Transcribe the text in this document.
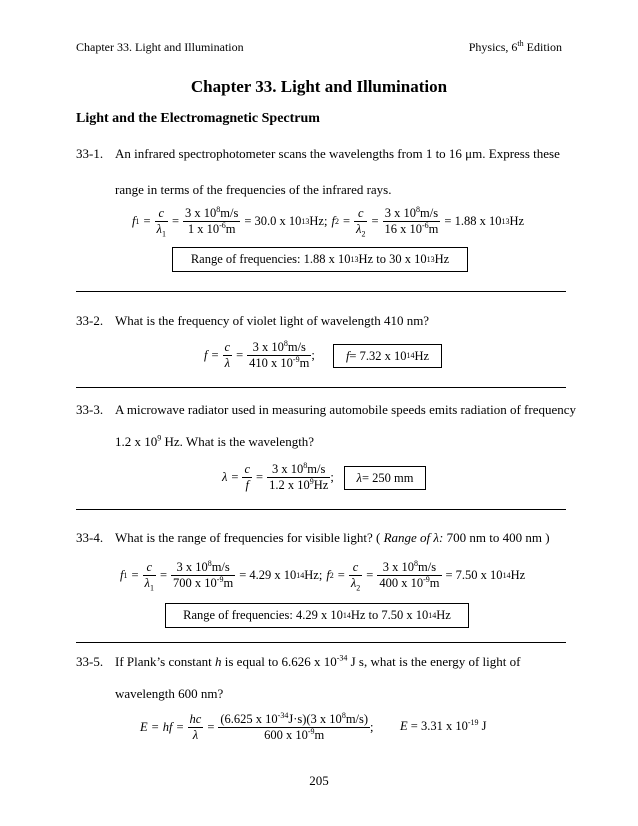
Chapter 33. Light and Illumination	Physics, 6th Edition
Chapter 33. Light and Illumination
Light and the Electromagnetic Spectrum
33-1. An infrared spectrophotometer scans the wavelengths from 1 to 16 μm. Express these
range in terms of the frequencies of the infrared rays.
f $1 = \frac{c}{\lambda_1} = \frac{3 x 10^8m/s}{1 x 10^{-6}m} = 30.0$ x 10 13 Hz; f $2 = \frac{c}{\lambda_2} = \frac{3 x 10^8m/s}{16 x 10^{-6}m} = 1.88$ x 10 13 Hz
Range of frequencies: 1.88 x 10 13 Hz to 30 x 10 13 Hz
33-2. What is the frequency of violet light of wavelength 410 nm?
$f = \frac{c}{\lambda} = \frac{3 x 10^8m/s}{410 x 10^{-9}m}$ ; f = 7.32 x 10 14 Hz
33-3. A microwave radiator used in measuring automobile speeds emits radiation of frequency
1.2 x $10^9$ Hz. What is the wavelength?
$\lambda = \frac{c}{f} = \frac{3 x 10^8m/s}{1.2 x 10^9Hz}$ ; λ = 250 mm
33-4. What is the range of frequencies for visible light? ( Range of λ: 700 nm to 400 nm )
f $1 = \frac{c}{\lambda_1} = \frac{3 x 10^8m/s}{700 x 10^{-9}m} = 4.29$ x 10 14 Hz; f $2 = \frac{c}{\lambda_2} = \frac{3 x 10^8m/s}{400 x 10^{-9}m} = 7.50$ x 10 14 Hz
Range of frequencies: 4.29 x 10 14 Hz to 7.50 x 10 14 Hz
33-5. If Plank’s constant h is equal to 6.626 x $10^{-34}$ J s, what is the energy of light of
wavelength 600 nm?
E = hf = $\frac{hc}{\lambda} = \frac{(6.625 x 10^{-34}J\cdot s)(3 x 10^8m/s)}{600 x 10^{-9}m}$ ; E = 3.31 x $10^{-19}$ J
205
